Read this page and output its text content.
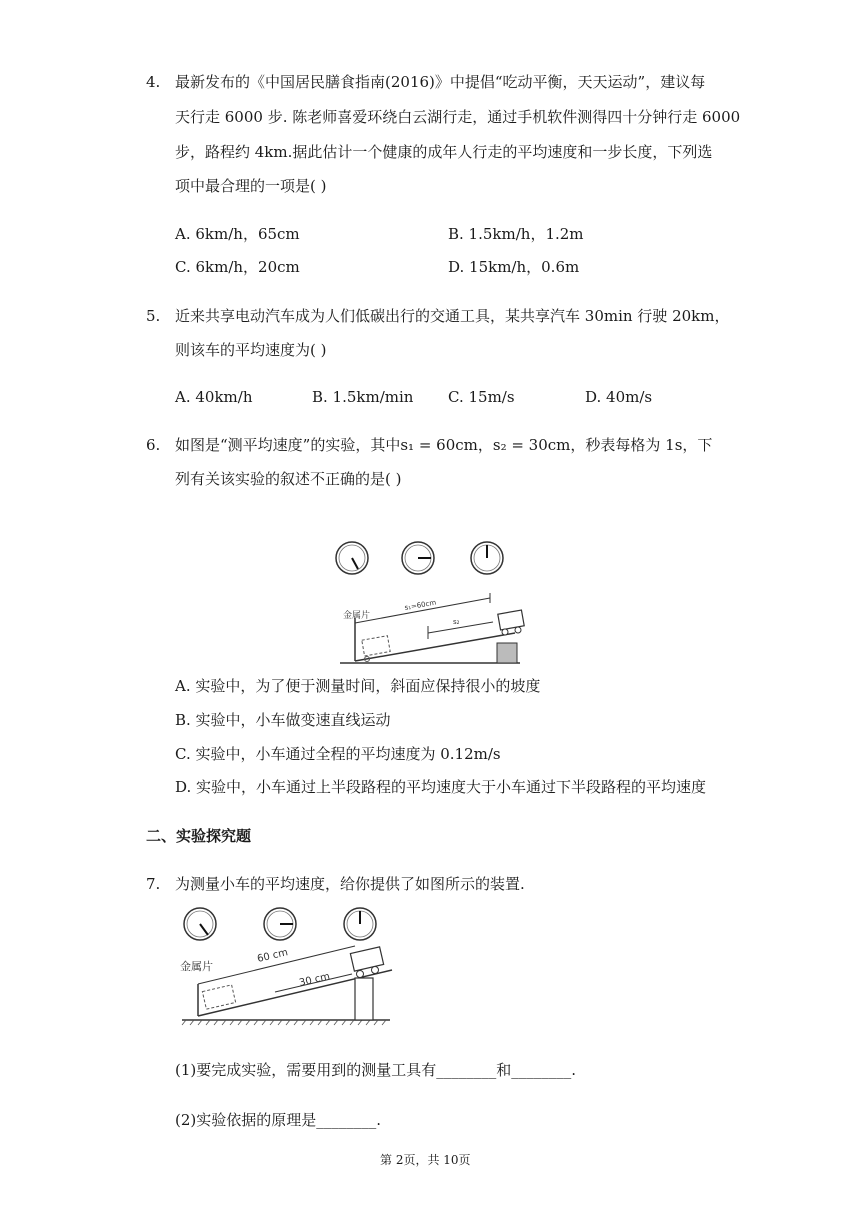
4. 最新发布的《中国居民膳食指南(2016)》中提倡“吃动平衡，天天运动”，建议每
天行走 6000 步. 陈老师喜爱环绕白云湖行走，通过手机软件测得四十分钟行走 6000
步，路程约 4km.据此估计一个健康的成年人行走的平均速度和一步长度，下列选
项中最合理的一项是( )
A. 6km/h，65cm	B. 1.5km/h，1.2m
C. 6km/h，20cm	D. 15km/h，0.6m
5. 近来共享电动汽车成为人们低碳出行的交通工具，某共享汽车 30min 行驶 20km，
则该车的平均速度为( )
A. 40km/h	B. 1.5km/min C. 15m/s	D. 40m/s
6. 如图是“测平均速度”的实验，其中s₁ = 60cm，s₂ = 30cm，秒表每格为 1s，下
列有关该实验的叙述不正确的是( )
s₁=60cm
s₂
金属片
A. 实验中，为了便于测量时间，斜面应保持很小的坡度
B. 实验中，小车做变速直线运动
C. 实验中，小车通过全程的平均速度为 0.12m/s
D. 实验中，小车通过上半段路程的平均速度大于小车通过下半段路程的平均速度
二、实验探究题
7. 为测量小车的平均速度，给你提供了如图所示的装置.
60 cm
30 cm
金属片
(1)要完成实验，需要用到的测量工具有________和________.
(2)实验依据的原理是________.
第 2页，共 10页
